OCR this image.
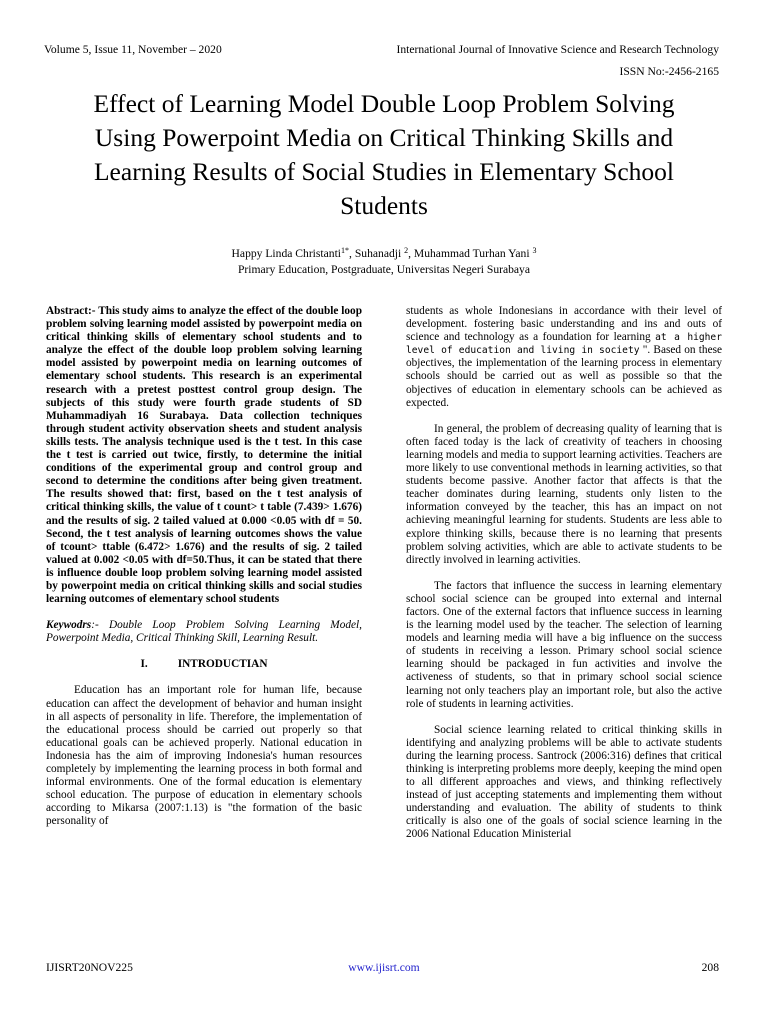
Volume 5, Issue 11, November – 2020	International Journal of Innovative Science and Research Technology
ISSN No:-2456-2165
Effect of Learning Model Double Loop Problem Solving Using Powerpoint Media on Critical Thinking Skills and Learning Results of Social Studies in Elementary School Students
Happy Linda Christanti$^{1*}$, Suhanadji $^2$, Muhammad Turhan Yani $^3$
Primary Education, Postgraduate, Universitas Negeri Surabaya

Abstract:- This study aims to analyze the effect of the double loop problem solving learning model assisted by powerpoint media on critical thinking skills of elementary school students and to analyze the effect of the double loop problem solving learning model assisted by powerpoint media on learning outcomes of elementary school students. This research is an experimental research with a pretest posttest control group design. The subjects of this study were fourth grade students of SD Muhammadiyah 16 Surabaya. Data collection techniques through student activity observation sheets and student analysis skills tests. The analysis technique used is the t test. In this case the t test is carried out twice, firstly, to determine the initial conditions of the experimental group and control group and second to determine the conditions after being given treatment. The results showed that: first, based on the t test analysis of critical thinking skills, the value of t count> t table (7.439> 1.676) and the results of sig. 2 tailed valued at 0.000 <0.05 with df = 50. Second, the t test analysis of learning outcomes shows the value of tcount> ttable (6.472> 1.676) and the results of sig. 2 tailed valued at 0.002 <0.05 with df=50.Thus, it can be stated that there is influence double loop problem solving learning model assisted by powerpoint media on critical thinking skills and social studies learning outcomes of elementary school students

Keywodrs:- Double Loop Problem Solving Learning Model, Powerpoint Media, Critical Thinking Skill, Learning Result.

I.	INTRODUCTIAN

Education has an important role for human life, because education can affect the development of behavior and human insight in all aspects of personality in life. Therefore, the implementation of the educational process should be carried out properly so that educational goals can be achieved properly. National education in Indonesia has the aim of improving Indonesia's human resources completely by implementing the learning process in both formal and informal environments. One of the formal education is elementary school education. The purpose of education in elementary schools according to Mikarsa (2007:1.13) is "the formation of the basic personality of

students as whole Indonesians in accordance with their level of development. fostering basic understanding and ins and outs of science and technology as a foundation for learning at a higher level of education and living in society ". Based on these objectives, the implementation of the learning process in elementary schools should be carried out as well as possible so that the objectives of education in elementary schools can be achieved as expected.

In general, the problem of decreasing quality of learning that is often faced today is the lack of creativity of teachers in choosing learning models and media to support learning activities. Teachers are more likely to use conventional methods in learning activities, so that students become passive. Another factor that affects is that the teacher dominates during learning, students only listen to the information conveyed by the teacher, this has an impact on not achieving meaningful learning for students. Students are less able to explore thinking skills, because there is no learning that presents problem solving activities, which are able to activate students to be directly involved in learning activities.

The factors that influence the success in learning elementary school social science can be grouped into external and internal factors. One of the external factors that influence success in learning is the learning model used by the teacher. The selection of learning models and learning media will have a big influence on the success of students in receiving a lesson. Primary school social science learning should be packaged in fun activities and involve the activeness of students, so that in primary school social science learning not only teachers play an important role, but also the active role of students in learning activities.

Social science learning related to critical thinking skills in identifying and analyzing problems will be able to activate students during the learning process. Santrock (2006:316) defines that critical thinking is interpreting problems more deeply, keeping the mind open to all different approaches and views, and thinking reflectively instead of just accepting statements and implementing them without understanding and evaluation. The ability of students to think critically is also one of the goals of social science learning in the 2006 National Education Ministerial

IJISRT20NOV225	www.ijisrt.com	208
